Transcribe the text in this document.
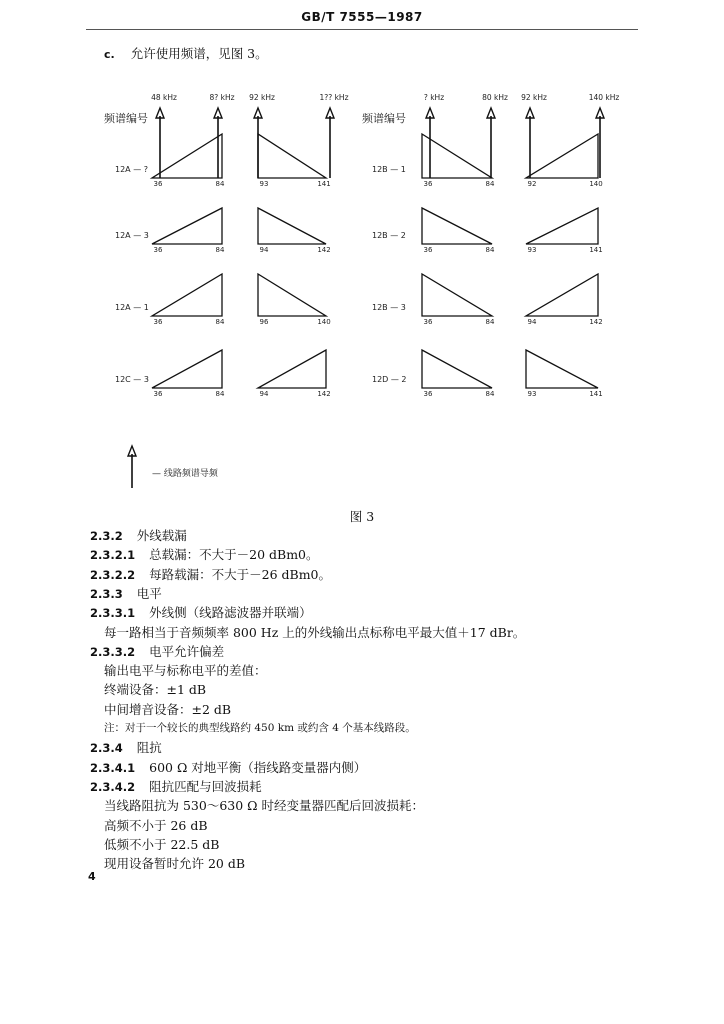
GB/T 7555—1987
c. 允许使用频谱，见图 3。
频谱编号
48 kHz	8? kHz 92 kHz	1?? kHz
12A — ?
36	84	93	141
12A — 3
36	84	94	142
12A — 1
36	84	96	140
12C — 3
36	84	94	142
频谱编号
? kHz	80 kHz 92 kHz	140 kHz
12B — 1
36	84	92	140
12B — 2
36	84	93	141
12B — 3
36	84	94	142
12D — 2
36	84	93	141
— 线路频谱导频
图 3
2.3.2 外线载漏
2.3.2.1 总载漏：不大于－20 dBm0。
2.3.2.2 每路载漏：不大于－26 dBm0。
2.3.3 电平
2.3.3.1 外线侧（线路滤波器并联端）
每一路相当于音频频率 800 Hz 上的外线输出点标称电平最大值＋17 dBr。
2.3.3.2 电平允许偏差
输出电平与标称电平的差值：
终端设备：±1 dB
中间增音设备：±2 dB
注：对于一个较长的典型线路约 450 km 或约含 4 个基本线路段。
2.3.4 阻抗
2.3.4.1 600 Ω 对地平衡（指线路变量器内侧）
2.3.4.2 阻抗匹配与回波损耗
当线路阻抗为 530～630 Ω 时经变量器匹配后回波损耗：
高频不小于 26 dB
低频不小于 22.5 dB
现用设备暂时允许 20 dB
4
